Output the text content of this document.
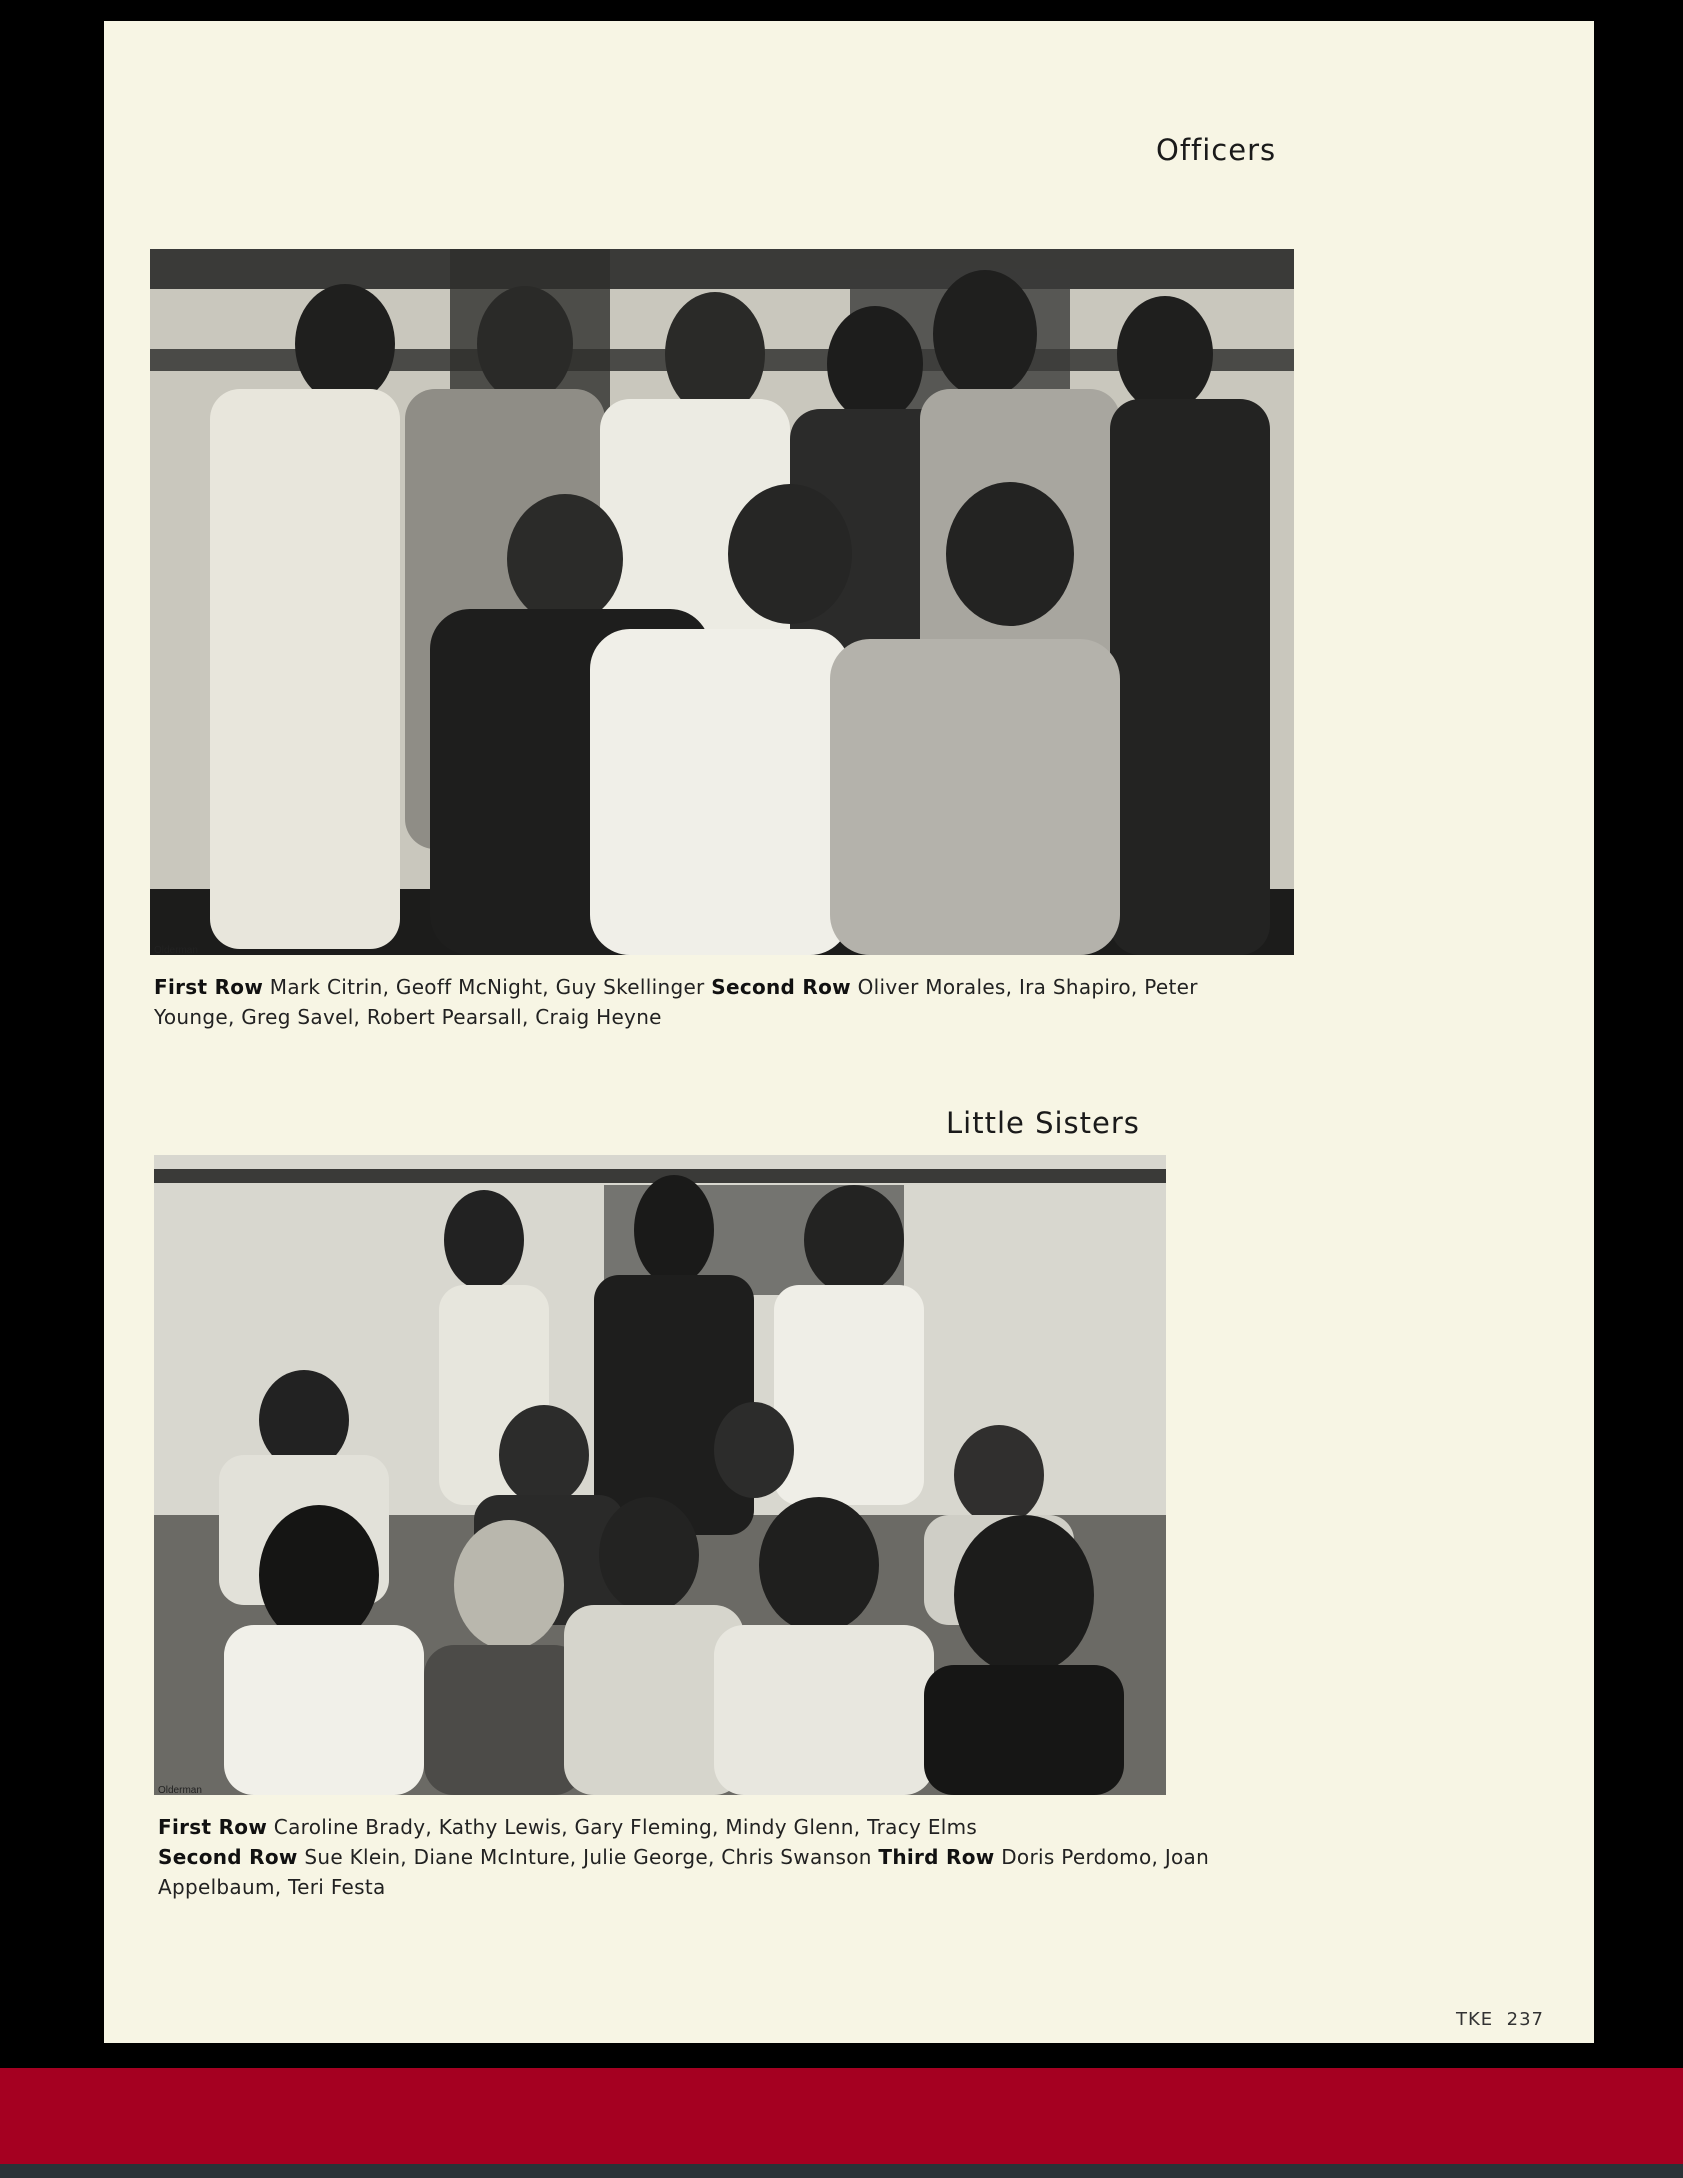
Officers
Olderman
First Row Mark Citrin, Geoff McNight, Guy Skellinger Second Row Oliver Morales, Ira Shapiro, Peter Younge, Greg Savel, Robert Pearsall, Craig Heyne
Little Sisters
Olderman
First Row Caroline Brady, Kathy Lewis, Gary Fleming, Mindy Glenn, Tracy Elms
Second Row Sue Klein, Diane McInture, Julie George, Chris Swanson Third Row Doris Perdomo, Joan Appelbaum, Teri Festa
TKE 237
